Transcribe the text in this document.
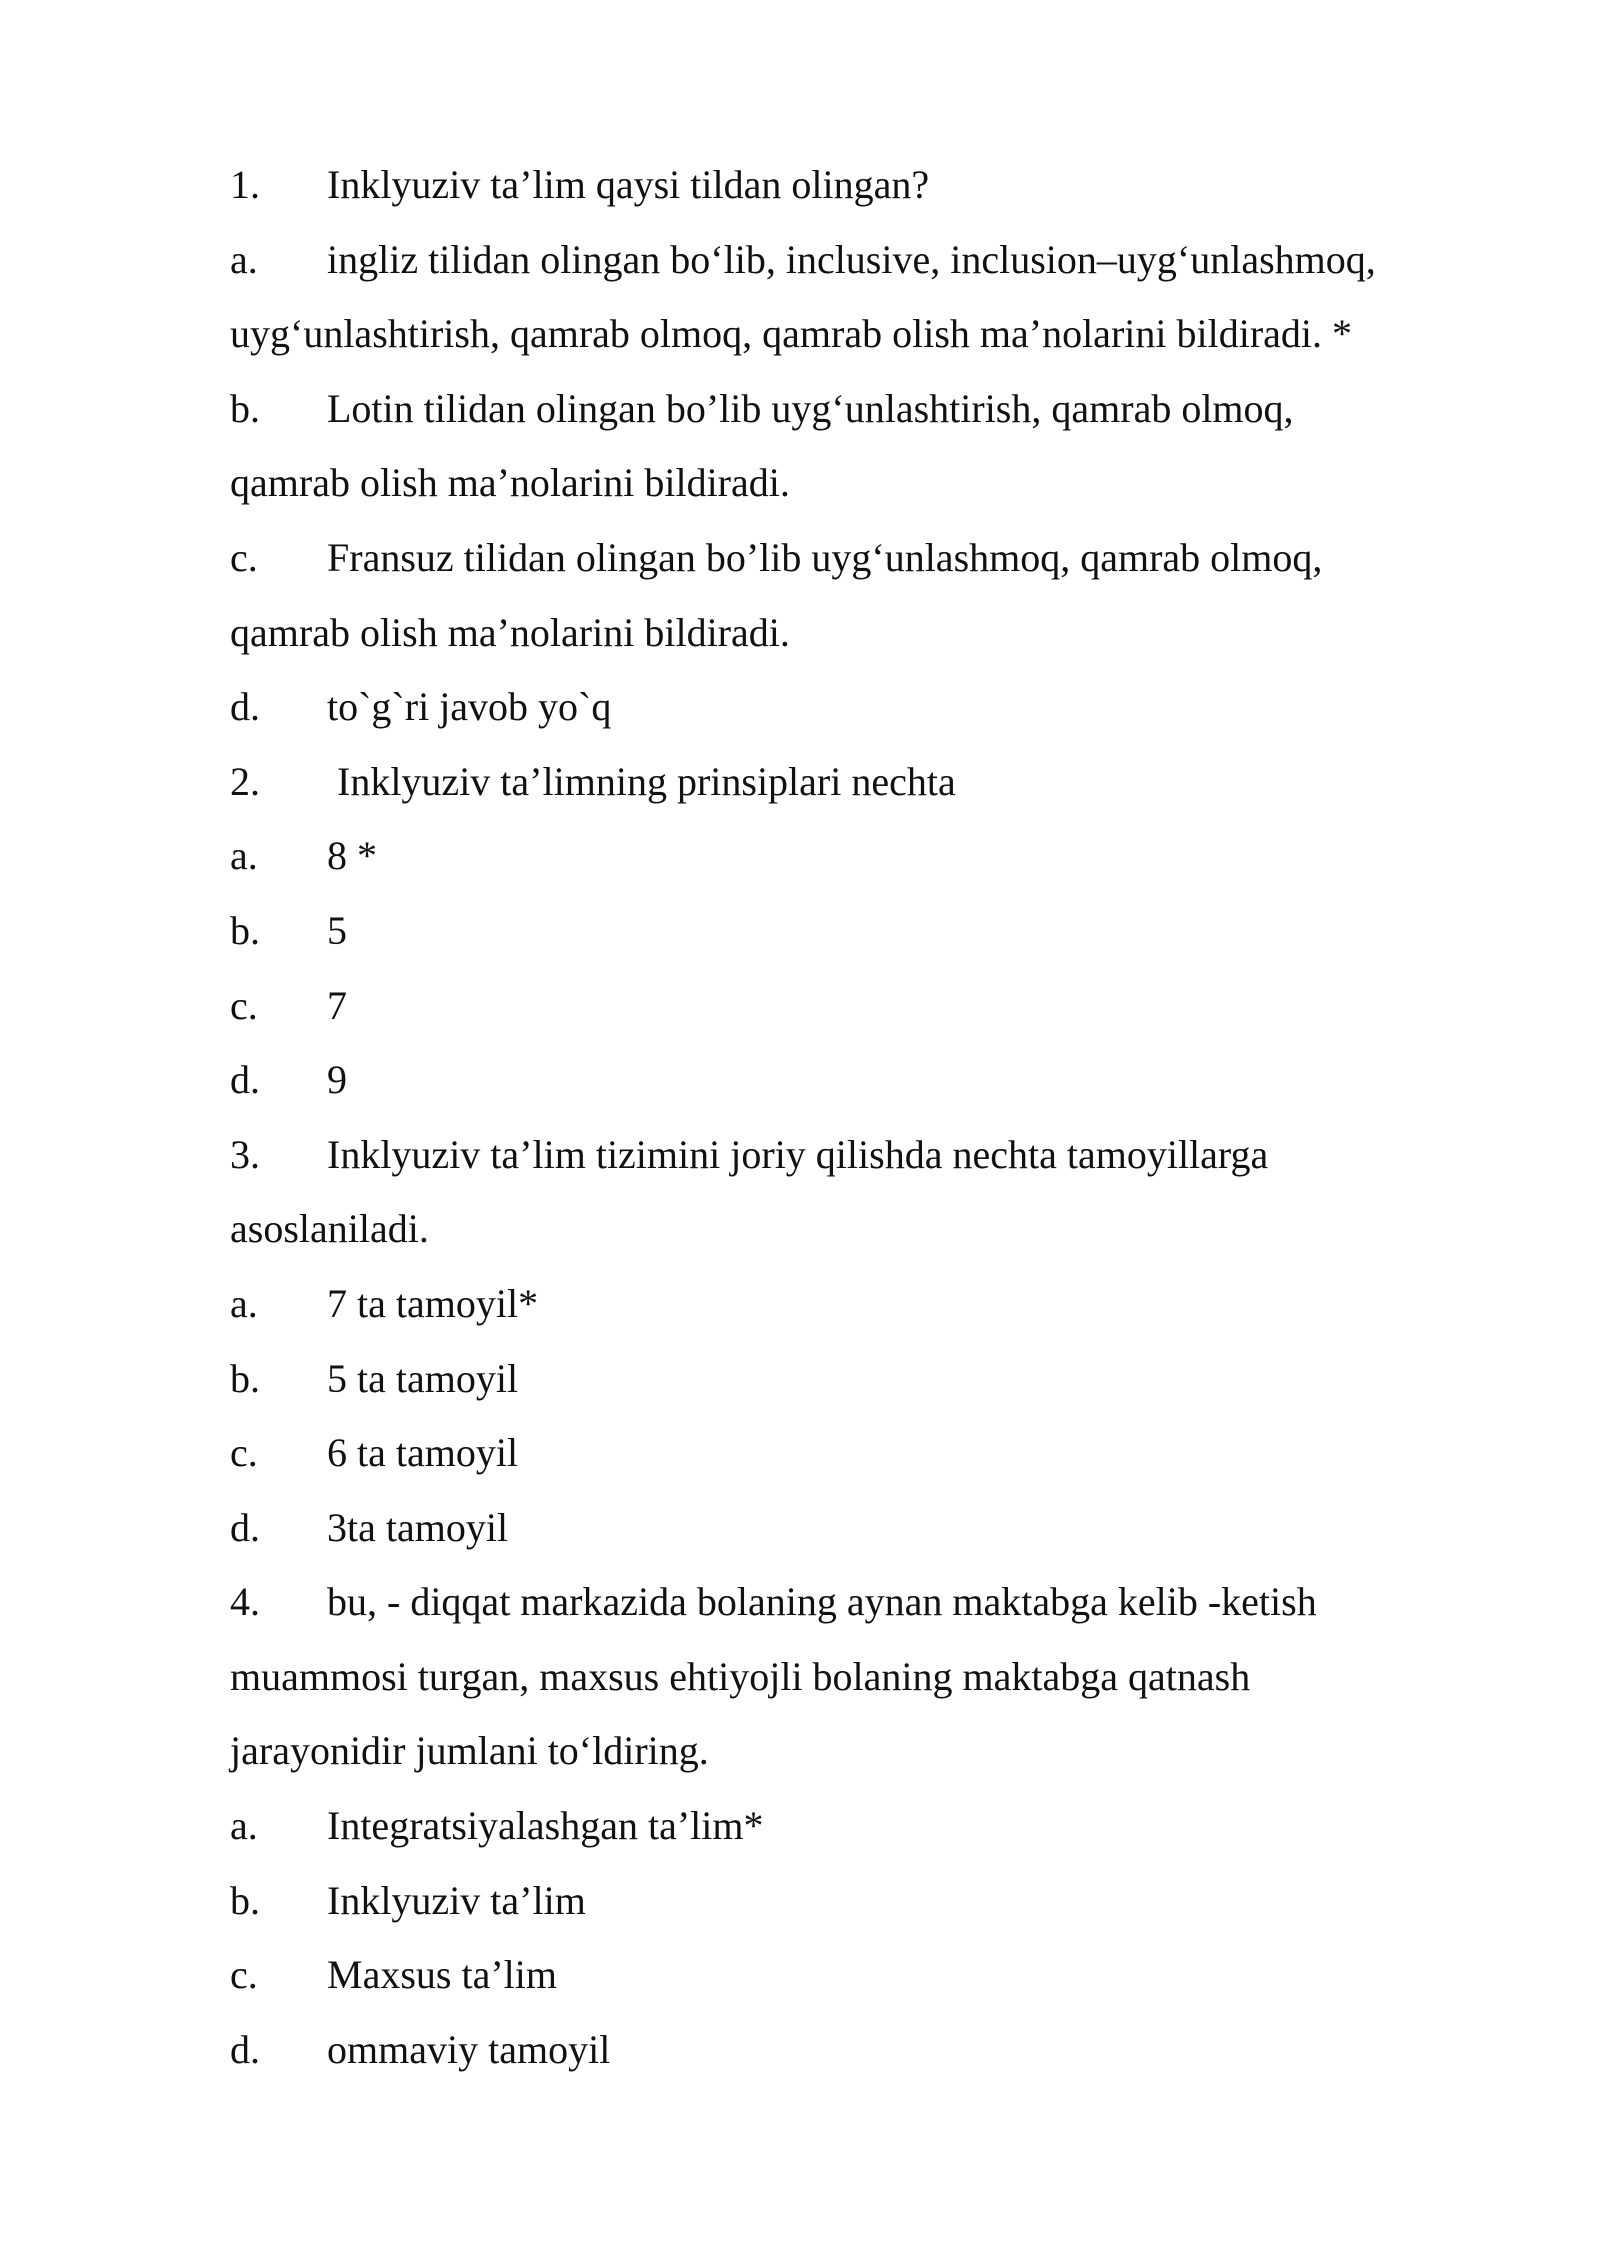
1. Inklyuziv ta’lim qaysi tildan olingan?
a. ingliz tilidan olingan bo‘lib, inclusive, inclusion–uyg‘unlashmoq,
uyg‘unlashtirish, qamrab olmoq, qamrab olish ma’nolarini bildiradi. *
b. Lotin tilidan olingan bo’lib uyg‘unlashtirish, qamrab olmoq,
qamrab olish ma’nolarini bildiradi.
c. Fransuz tilidan olingan bo’lib uyg‘unlashmoq, qamrab olmoq,
qamrab olish ma’nolarini bildiradi.
d. to`g`ri javob yo`q
2. Inklyuziv ta’limning prinsiplari nechta
a. 8 *
b. 5
c. 7
d. 9
3. Inklyuziv ta’lim tizimini joriy qilishda nechta tamoyillarga
asoslaniladi.
a. 7 ta tamoyil*
b. 5 ta tamoyil
c. 6 ta tamoyil
d. 3ta tamoyil
4. bu, - diqqat markazida bolaning aynan maktabga kelib -ketish
muammosi turgan, maxsus ehtiyojli bolaning maktabga qatnash
jarayonidir jumlani to‘ldiring.
a. Integratsiyalashgan ta’lim*
b. Inklyuziv ta’lim
c. Maxsus ta’lim
d. ommaviy tamoyil
